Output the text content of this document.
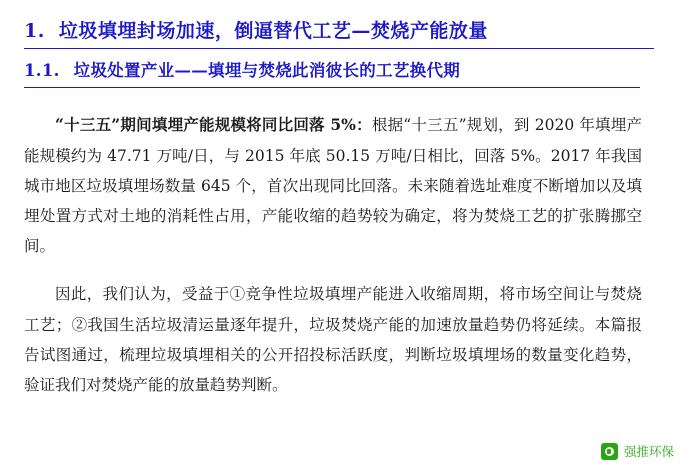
1. 垃圾填埋封场加速，倒逼替代工艺—焚烧产能放量
1.1. 垃圾处置产业——填埋与焚烧此消彼长的工艺换代期

“十三五”期间填埋产能规模将同比回落 5%：根据“十三五”规划，到 2020 年填埋产能规模约为 47.71 万吨/日，与 2015 年底 50.15 万吨/日相比，回落 5%。2017 年我国城市地区垃圾填埋场数量 645 个，首次出现同比回落。未来随着选址难度不断增加以及填埋处置方式对土地的消耗性占用，产能收缩的趋势较为确定，将为焚烧工艺的扩张腾挪空间。

因此，我们认为，受益于①竞争性垃圾填埋产能进入收缩周期，将市场空间让与焚烧工艺；②我国生活垃圾清运量逐年提升，垃圾焚烧产能的加速放量趋势仍将延续。本篇报告试图通过，梳理垃圾填埋相关的公开招投标活跃度，判断垃圾填埋场的数量变化趋势，验证我们对焚烧产能的放量趋势判断。

强推环保
